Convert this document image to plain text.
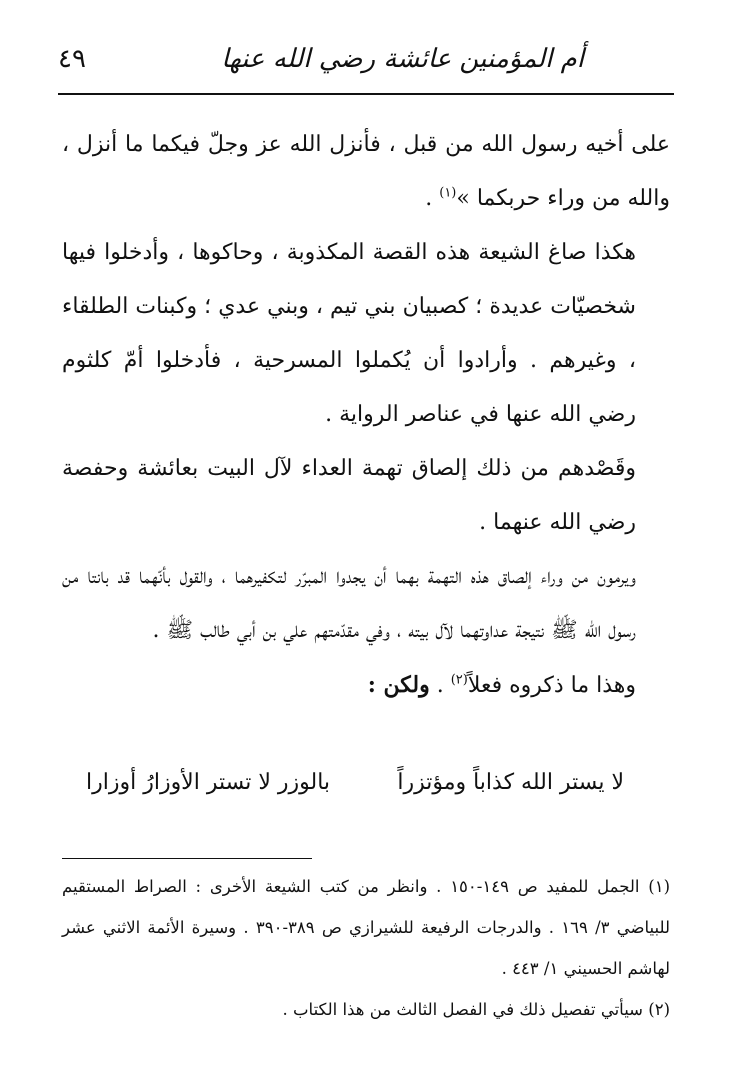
أم المؤمنين عائشة رضي الله عنها
٤٩

على أخيه رسول الله من قبل ، فأنزل الله عز وجلّ فيكما ما أنزل ، والله من وراء حربكما »$^{(١)}$ .

هكذا صاغ الشيعة هذه القصة المكذوبة ، وحاكوها ، وأدخلوا فيها شخصيّات عديدة ؛ كصبيان بني تيم ، وبني عدي ؛ وكبنات الطلقاء ، وغيرهم . وأرادوا أن يُكملوا المسرحية ، فأدخلوا أمّ كلثوم رضي الله عنها في عناصر الرواية .

وقَصْدهم من ذلك إلصاق تهمة العداء لآل البيت بعائشة وحفصة رضي الله عنهما .

ويرمون من وراء إلصاق هذه التهمة بهما أن يجدوا المبرّر لتكفيرهما ، والقول بأنّهما قد بانتا من رسول الله ﷺ نتيجة عداوتهما لآل بيته ، وفي مقدّمتهم علي بن أبي طالب ﷺ .

وهذا ما ذكروه فعلاً$^{(٢)}$ . ولكن :

لا يستر الله كذاباً ومؤتزراً
بالوزر لا تستر الأوزارُ أوزارا

(١) الجمل للمفيد ص ١٤٩-١٥٠ . وانظر من كتب الشيعة الأخرى : الصراط المستقيم للبياضي ٣/ ١٦٩ . والدرجات الرفيعة للشيرازي ص ٣٨٩-٣٩٠ . وسيرة الأئمة الاثني عشر لهاشم الحسيني ١/ ٤٤٣ .

(٢) سيأتي تفصيل ذلك في الفصل الثالث من هذا الكتاب .
